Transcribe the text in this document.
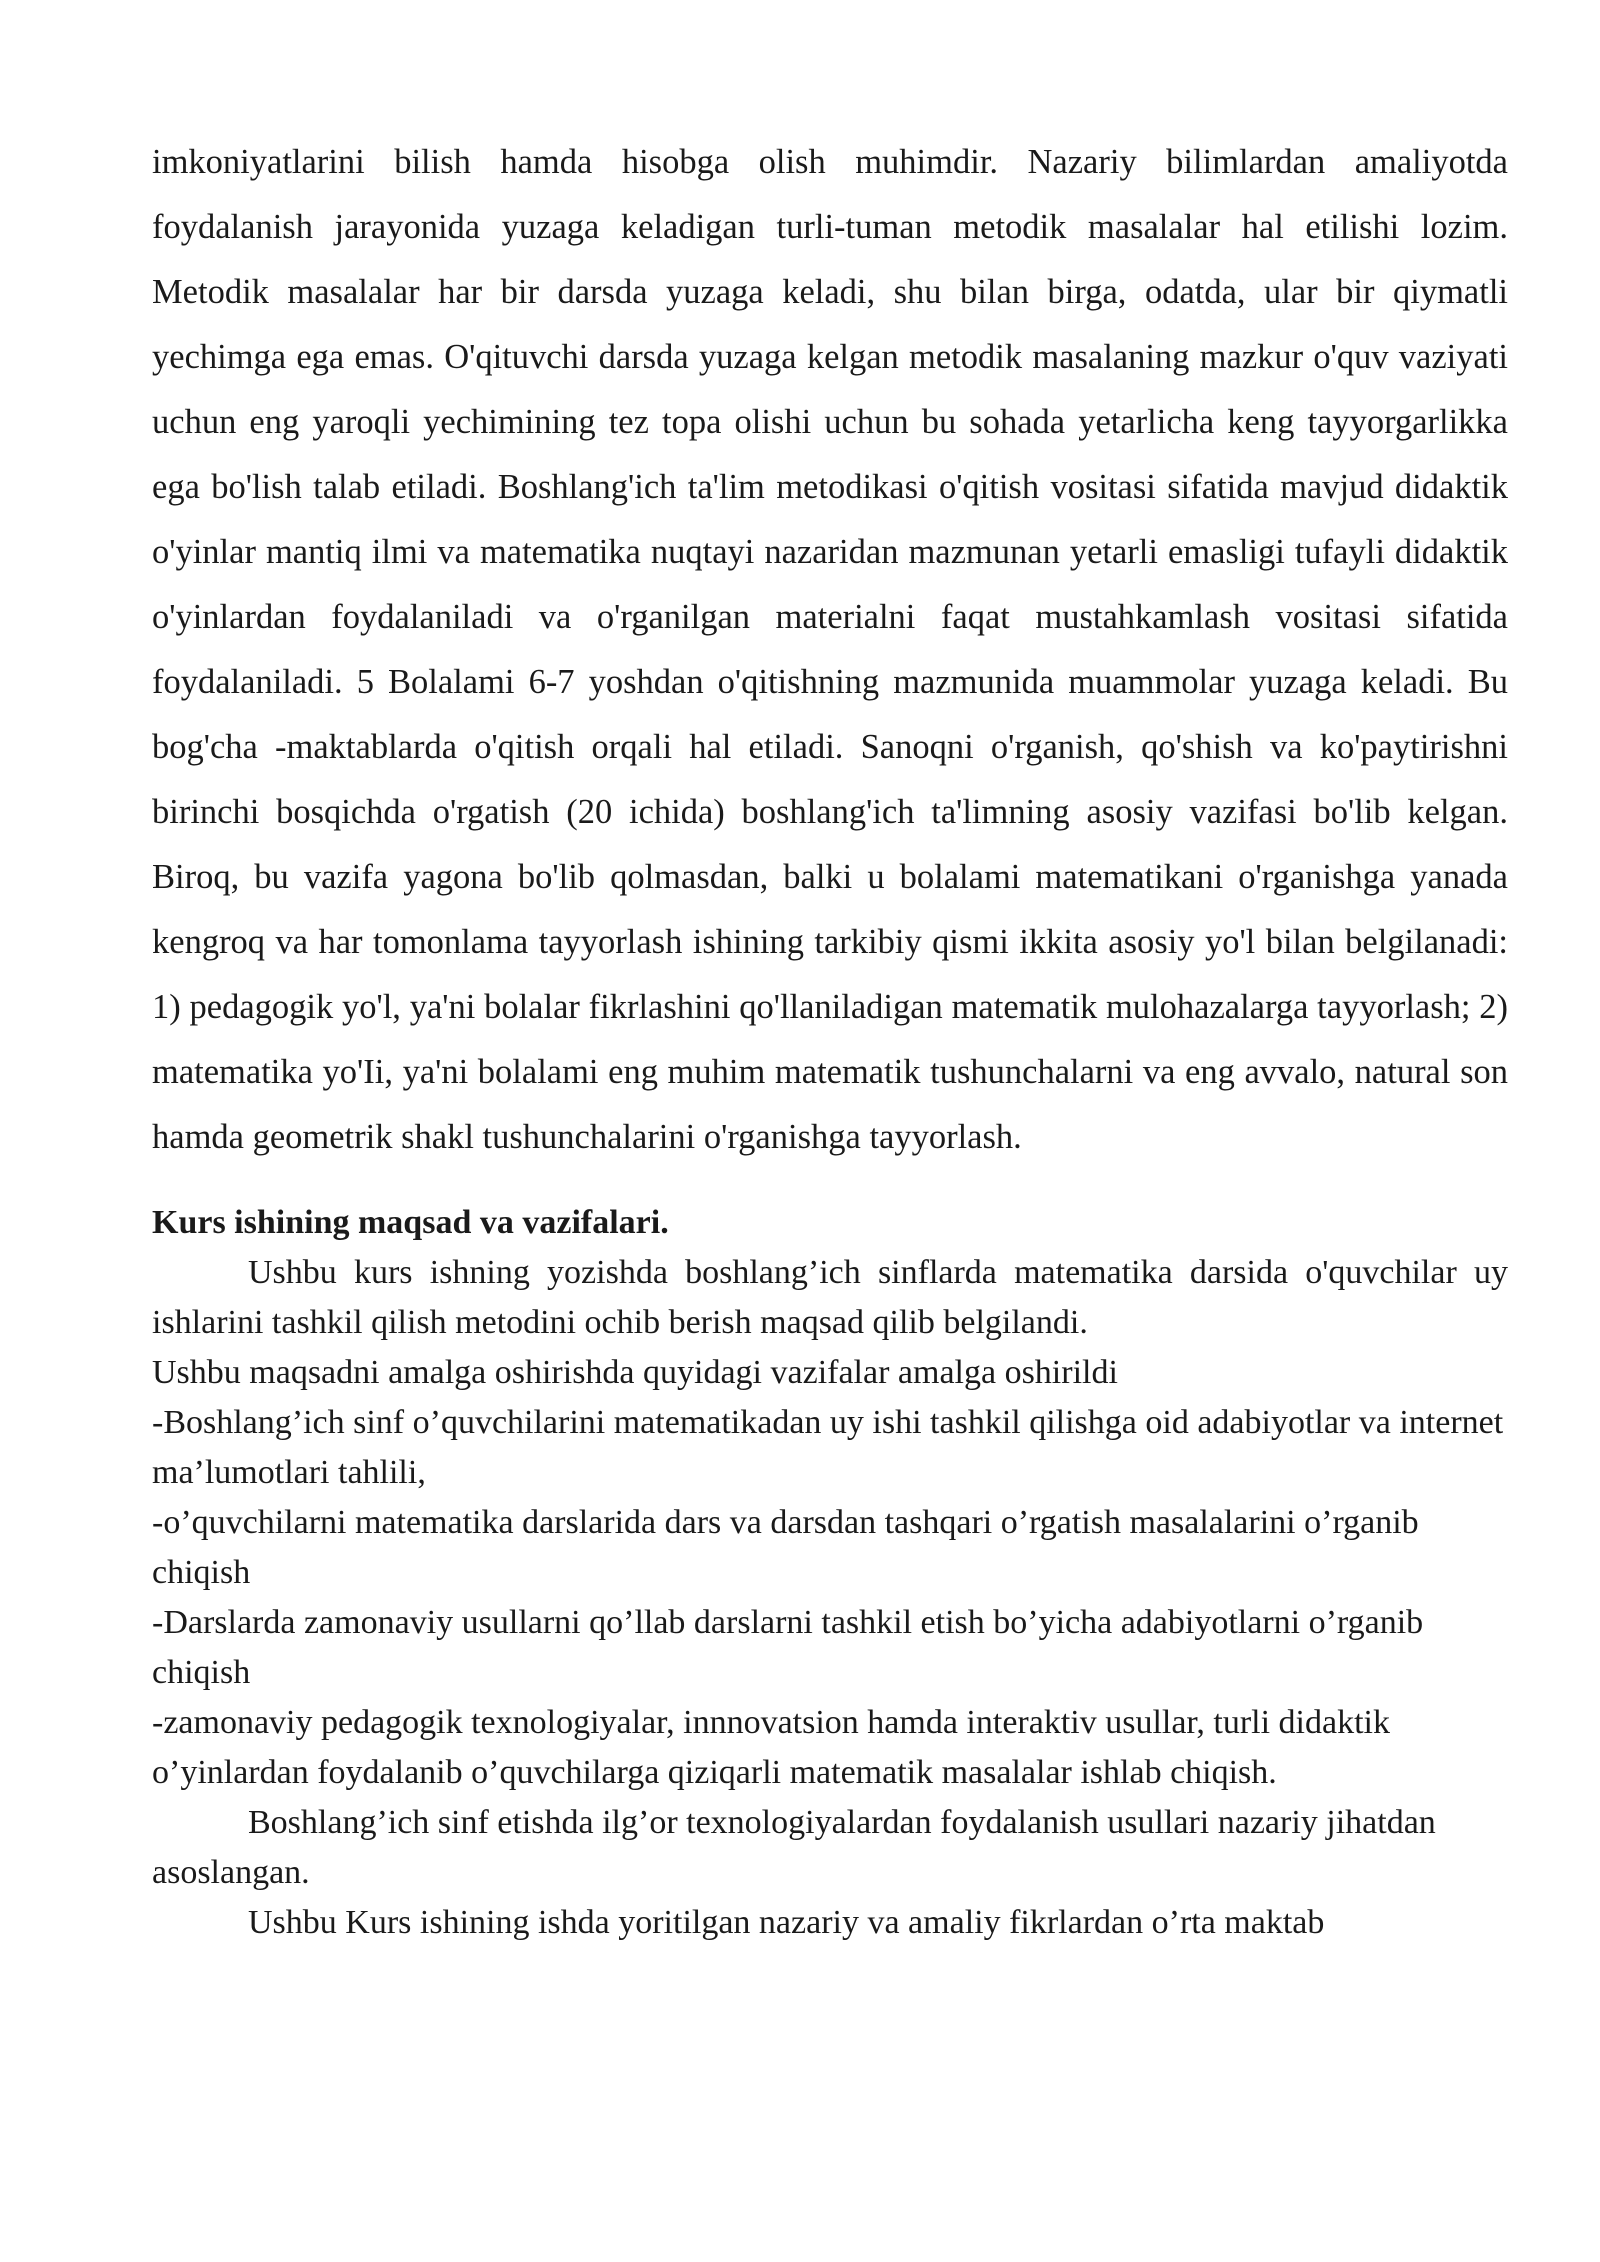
imkoniyatlarini bilish hamda hisobga olish muhimdir. Nazariy bilimlardan amaliyotda foydalanish jarayonida yuzaga keladigan turli-tuman metodik masalalar hal etilishi lozim. Metodik masalalar har bir darsda yuzaga keladi, shu bilan birga, odatda, ular bir qiymatli yechimga ega emas. O'qituvchi darsda yuzaga kelgan metodik masalaning mazkur o'quv vaziyati uchun eng yaroqli yechimining tez topa olishi uchun bu sohada yetarlicha keng tayyorgarlikka ega bo'lish talab etiladi. Boshlang'ich ta'lim metodikasi o'qitish vositasi sifatida mavjud didaktik o'yinlar mantiq ilmi va matematika nuqtayi nazaridan mazmunan yetarli emasligi tufayli didaktik o'yinlardan foydalaniladi va o'rganilgan materialni faqat mustahkamlash vositasi sifatida foydalaniladi. 5 Bolalami 6-7 yoshdan o'qitishning mazmunida muammolar yuzaga keladi. Bu bog'cha -maktablarda o'qitish orqali hal etiladi. Sanoqni o'rganish, qo'shish va ko'paytirishni birinchi bosqichda o'rgatish (20 ichida) boshlang'ich ta'limning asosiy vazifasi bo'lib kelgan. Biroq, bu vazifa yagona bo'lib qolmasdan, balki u bolalami matematikani o'rganishga yanada kengroq va har tomonlama tayyorlash ishining tarkibiy qismi ikkita asosiy yo'l bilan belgilanadi: 1) pedagogik yo'l, ya'ni bolalar fikrlashini qo'llaniladigan matematik mulohazalarga tayyorlash; 2) matematika yo'Ii, ya'ni bolalami eng muhim matematik tushunchalarni va eng avvalo, natural son hamda geometrik shakl tushunchalarini o'rganishga tayyorlash.

Kurs ishining maqsad va vazifalari.

Ushbu kurs ishning yozishda boshlang’ich sinflarda matematika darsida o'quvchilar uy ishlarini tashkil qilish metodini ochib berish maqsad qilib belgilandi.

Ushbu maqsadni amalga oshirishda quyidagi vazifalar amalga oshirildi

-Boshlang’ich sinf o’quvchilarini matematikadan uy ishi tashkil qilishga oid adabiyotlar va internet ma’lumotlari tahlili,

-o’quvchilarni matematika darslarida dars va darsdan tashqari o’rgatish masalalarini o’rganib chiqish

-Darslarda zamonaviy usullarni qo’llab darslarni tashkil etish bo’yicha adabiyotlarni o’rganib chiqish

-zamonaviy pedagogik texnologiyalar, innnovatsion hamda interaktiv usullar, turli didaktik o’yinlardan foydalanib o’quvchilarga qiziqarli matematik masalalar ishlab chiqish.

Boshlang’ich sinf etishda ilg’or texnologiyalardan foydalanish usullari nazariy jihatdan asoslangan.

Ushbu Kurs ishining ishda yoritilgan nazariy va amaliy fikrlardan o’rta maktab
